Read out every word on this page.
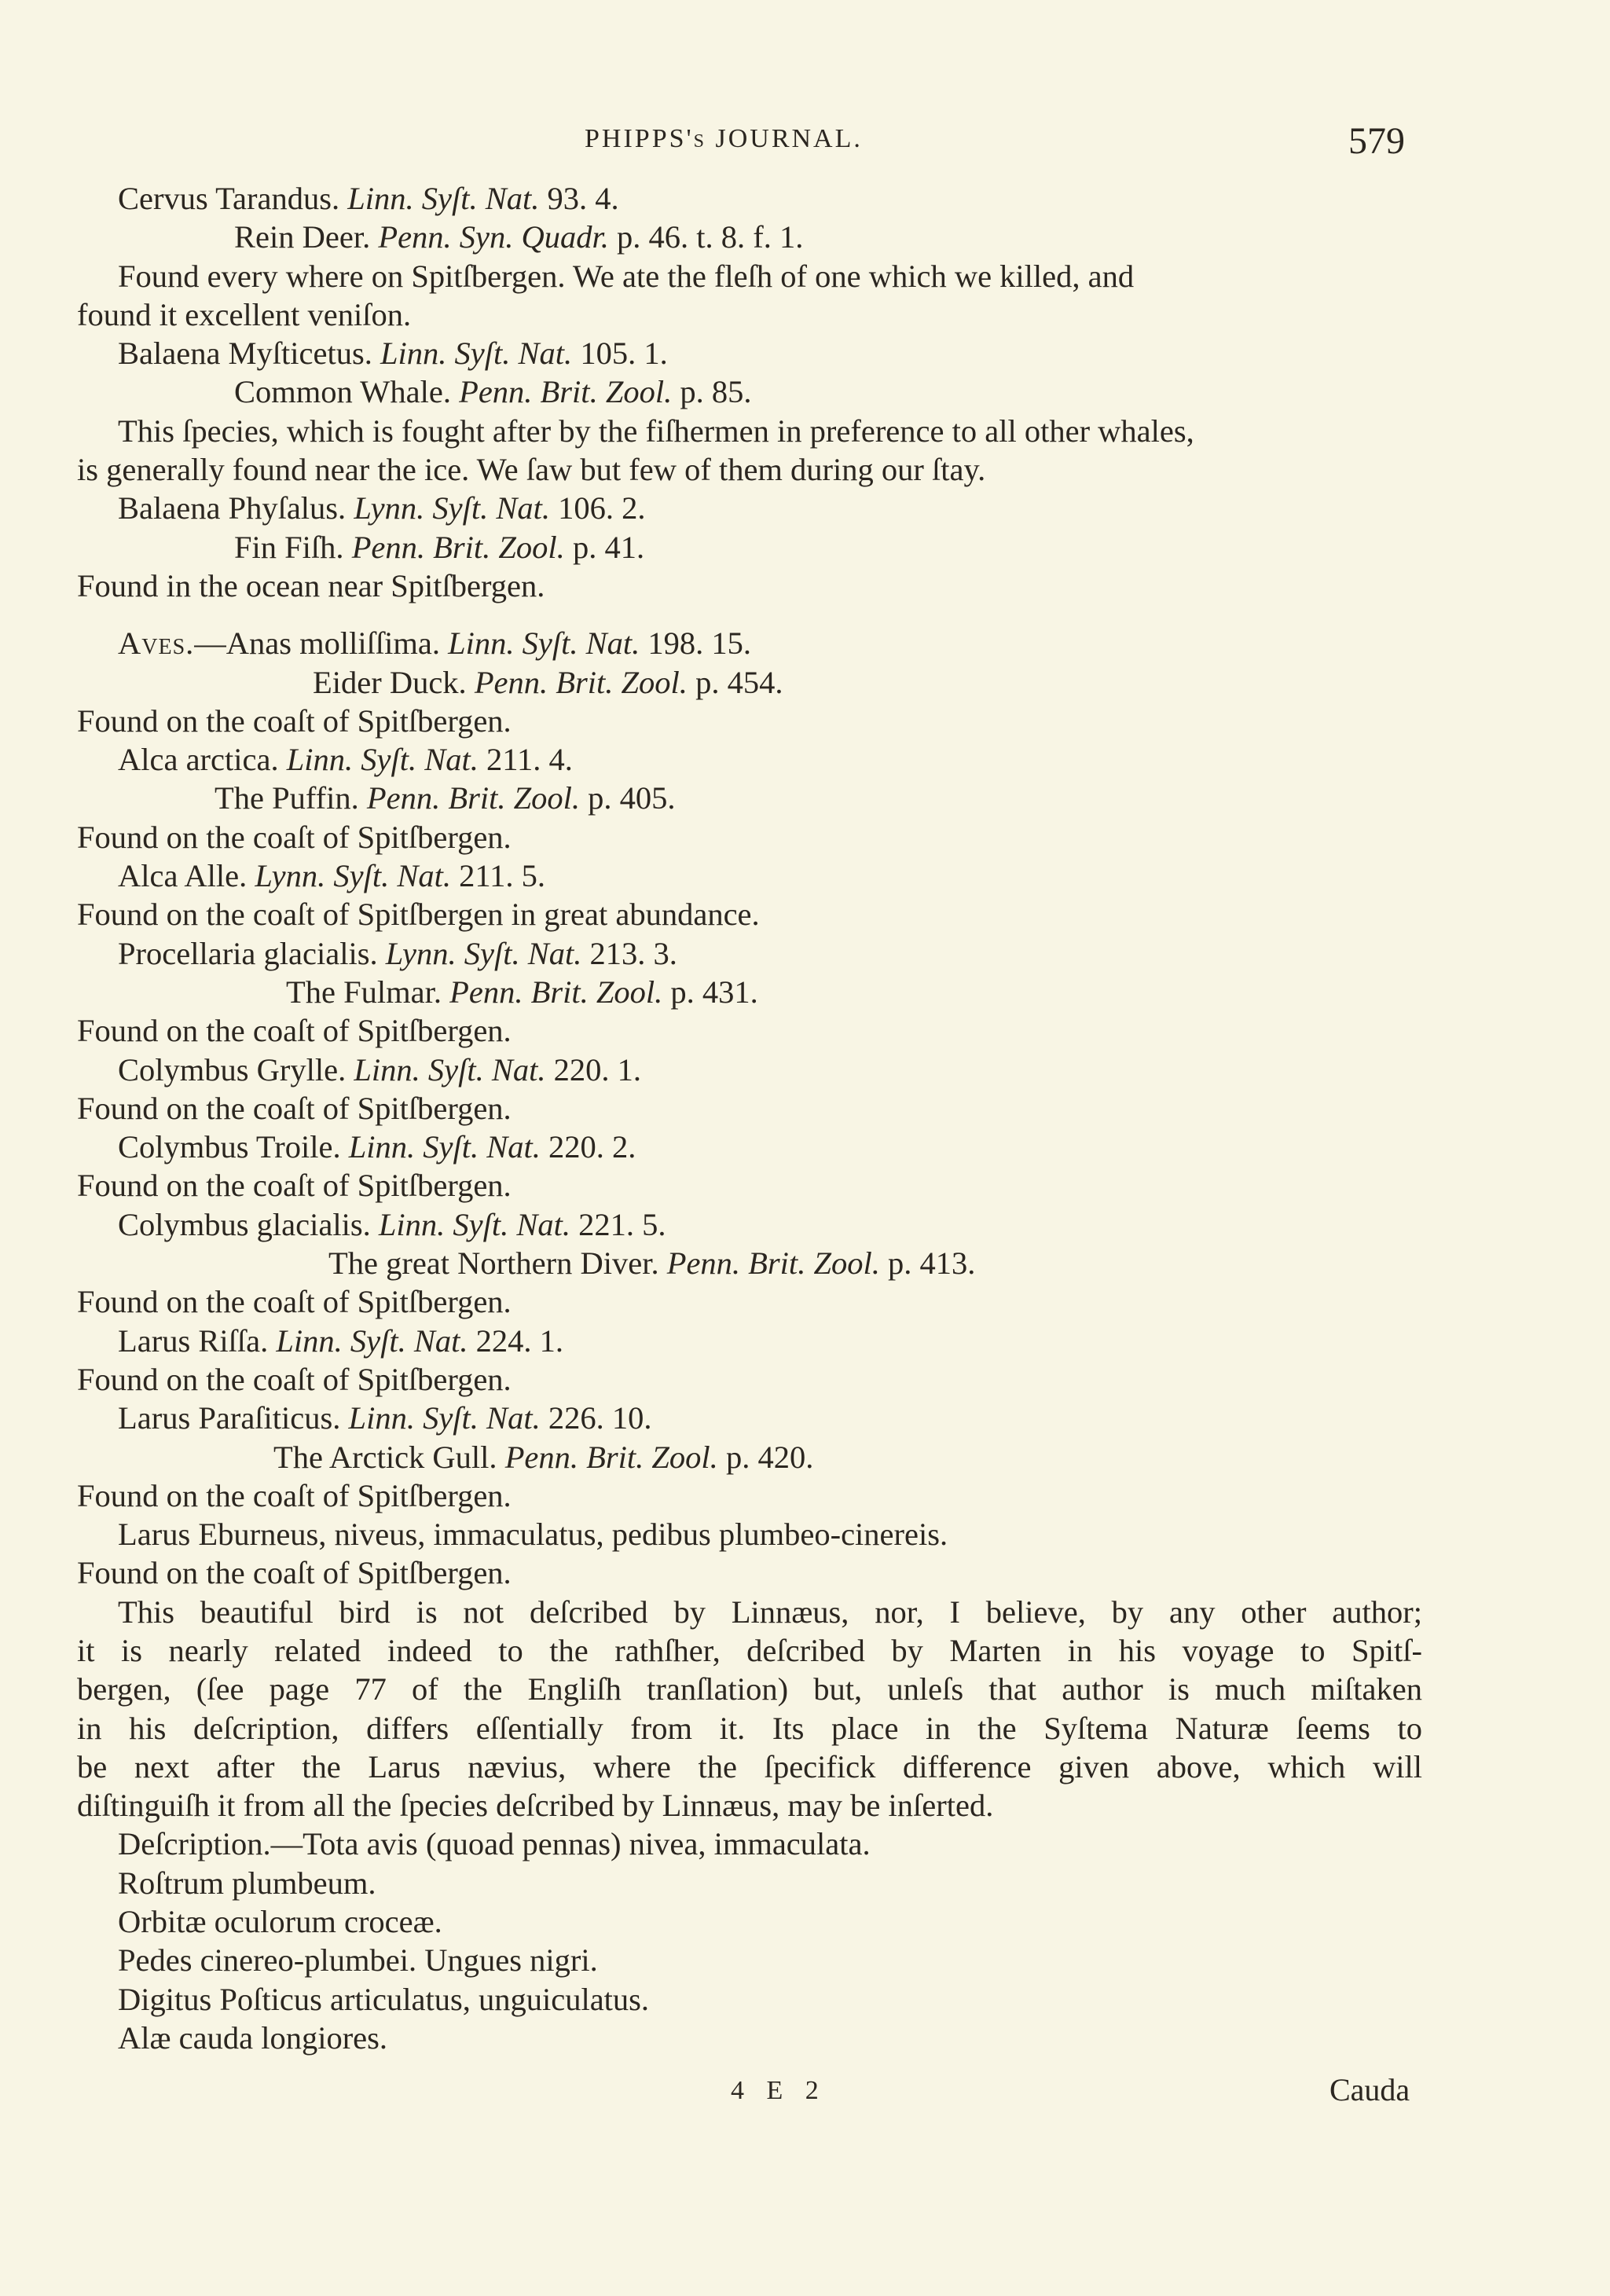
PHIPPS's JOURNAL.	579
Cervus Tarandus. Linn. Syſt. Nat. 93. 4.
Rein Deer. Penn. Syn. Quadr. p. 46. t. 8. f. 1.
Found every where on Spitſbergen. We ate the fleſh of one which we killed, and
found it excellent veniſon.
Balaena Myſticetus. Linn. Syſt. Nat. 105. 1.
Common Whale. Penn. Brit. Zool. p. 85.
This ſpecies, which is fought after by the fiſhermen in preference to all other whales,
is generally found near the ice. We ſaw but few of them during our ſtay.
Balaena Phyſalus. Lynn. Syſt. Nat. 106. 2.
Fin Fiſh. Penn. Brit. Zool. p. 41.
Found in the ocean near Spitſbergen.
Aves.—Anas molliſſima. Linn. Syſt. Nat. 198. 15.
Eider Duck. Penn. Brit. Zool. p. 454.
Found on the coaſt of Spitſbergen.
Alca arctica. Linn. Syſt. Nat. 211. 4.
The Puffin. Penn. Brit. Zool. p. 405.
Found on the coaſt of Spitſbergen.
Alca Alle. Lynn. Syſt. Nat. 211. 5.
Found on the coaſt of Spitſbergen in great abundance.
Procellaria glacialis. Lynn. Syſt. Nat. 213. 3.
The Fulmar. Penn. Brit. Zool. p. 431.
Found on the coaſt of Spitſbergen.
Colymbus Grylle. Linn. Syſt. Nat. 220. 1.
Found on the coaſt of Spitſbergen.
Colymbus Troile. Linn. Syſt. Nat. 220. 2.
Found on the coaſt of Spitſbergen.
Colymbus glacialis. Linn. Syſt. Nat. 221. 5.
The great Northern Diver. Penn. Brit. Zool. p. 413.
Found on the coaſt of Spitſbergen.
Larus Riſſa. Linn. Syſt. Nat. 224. 1.
Found on the coaſt of Spitſbergen.
Larus Paraſiticus. Linn. Syſt. Nat. 226. 10.
The Arctick Gull. Penn. Brit. Zool. p. 420.
Found on the coaſt of Spitſbergen.
Larus Eburneus, niveus, immaculatus, pedibus plumbeo-cinereis.
Found on the coaſt of Spitſbergen.
This beautiful bird is not deſcribed by Linnæus, nor, I believe, by any other author;
it is nearly related indeed to the rathſher, deſcribed by Marten in his voyage to Spitſ-
bergen, (ſee page 77 of the Engliſh tranſlation) but, unleſs that author is much miſtaken
in his deſcription, differs eſſentially from it. Its place in the Syſtema Naturæ ſeems to
be next after the Larus nævius, where the ſpecifick difference given above, which will
diſtinguiſh it from all the ſpecies deſcribed by Linnæus, may be inſerted.
Deſcription.—Tota avis (quoad pennas) nivea, immaculata.
Roſtrum plumbeum.
Orbitæ oculorum croceæ.
Pedes cinereo-plumbei. Ungues nigri.
Digitus Poſticus articulatus, unguiculatus.
Alæ cauda longiores.
4 E 2	Cauda
